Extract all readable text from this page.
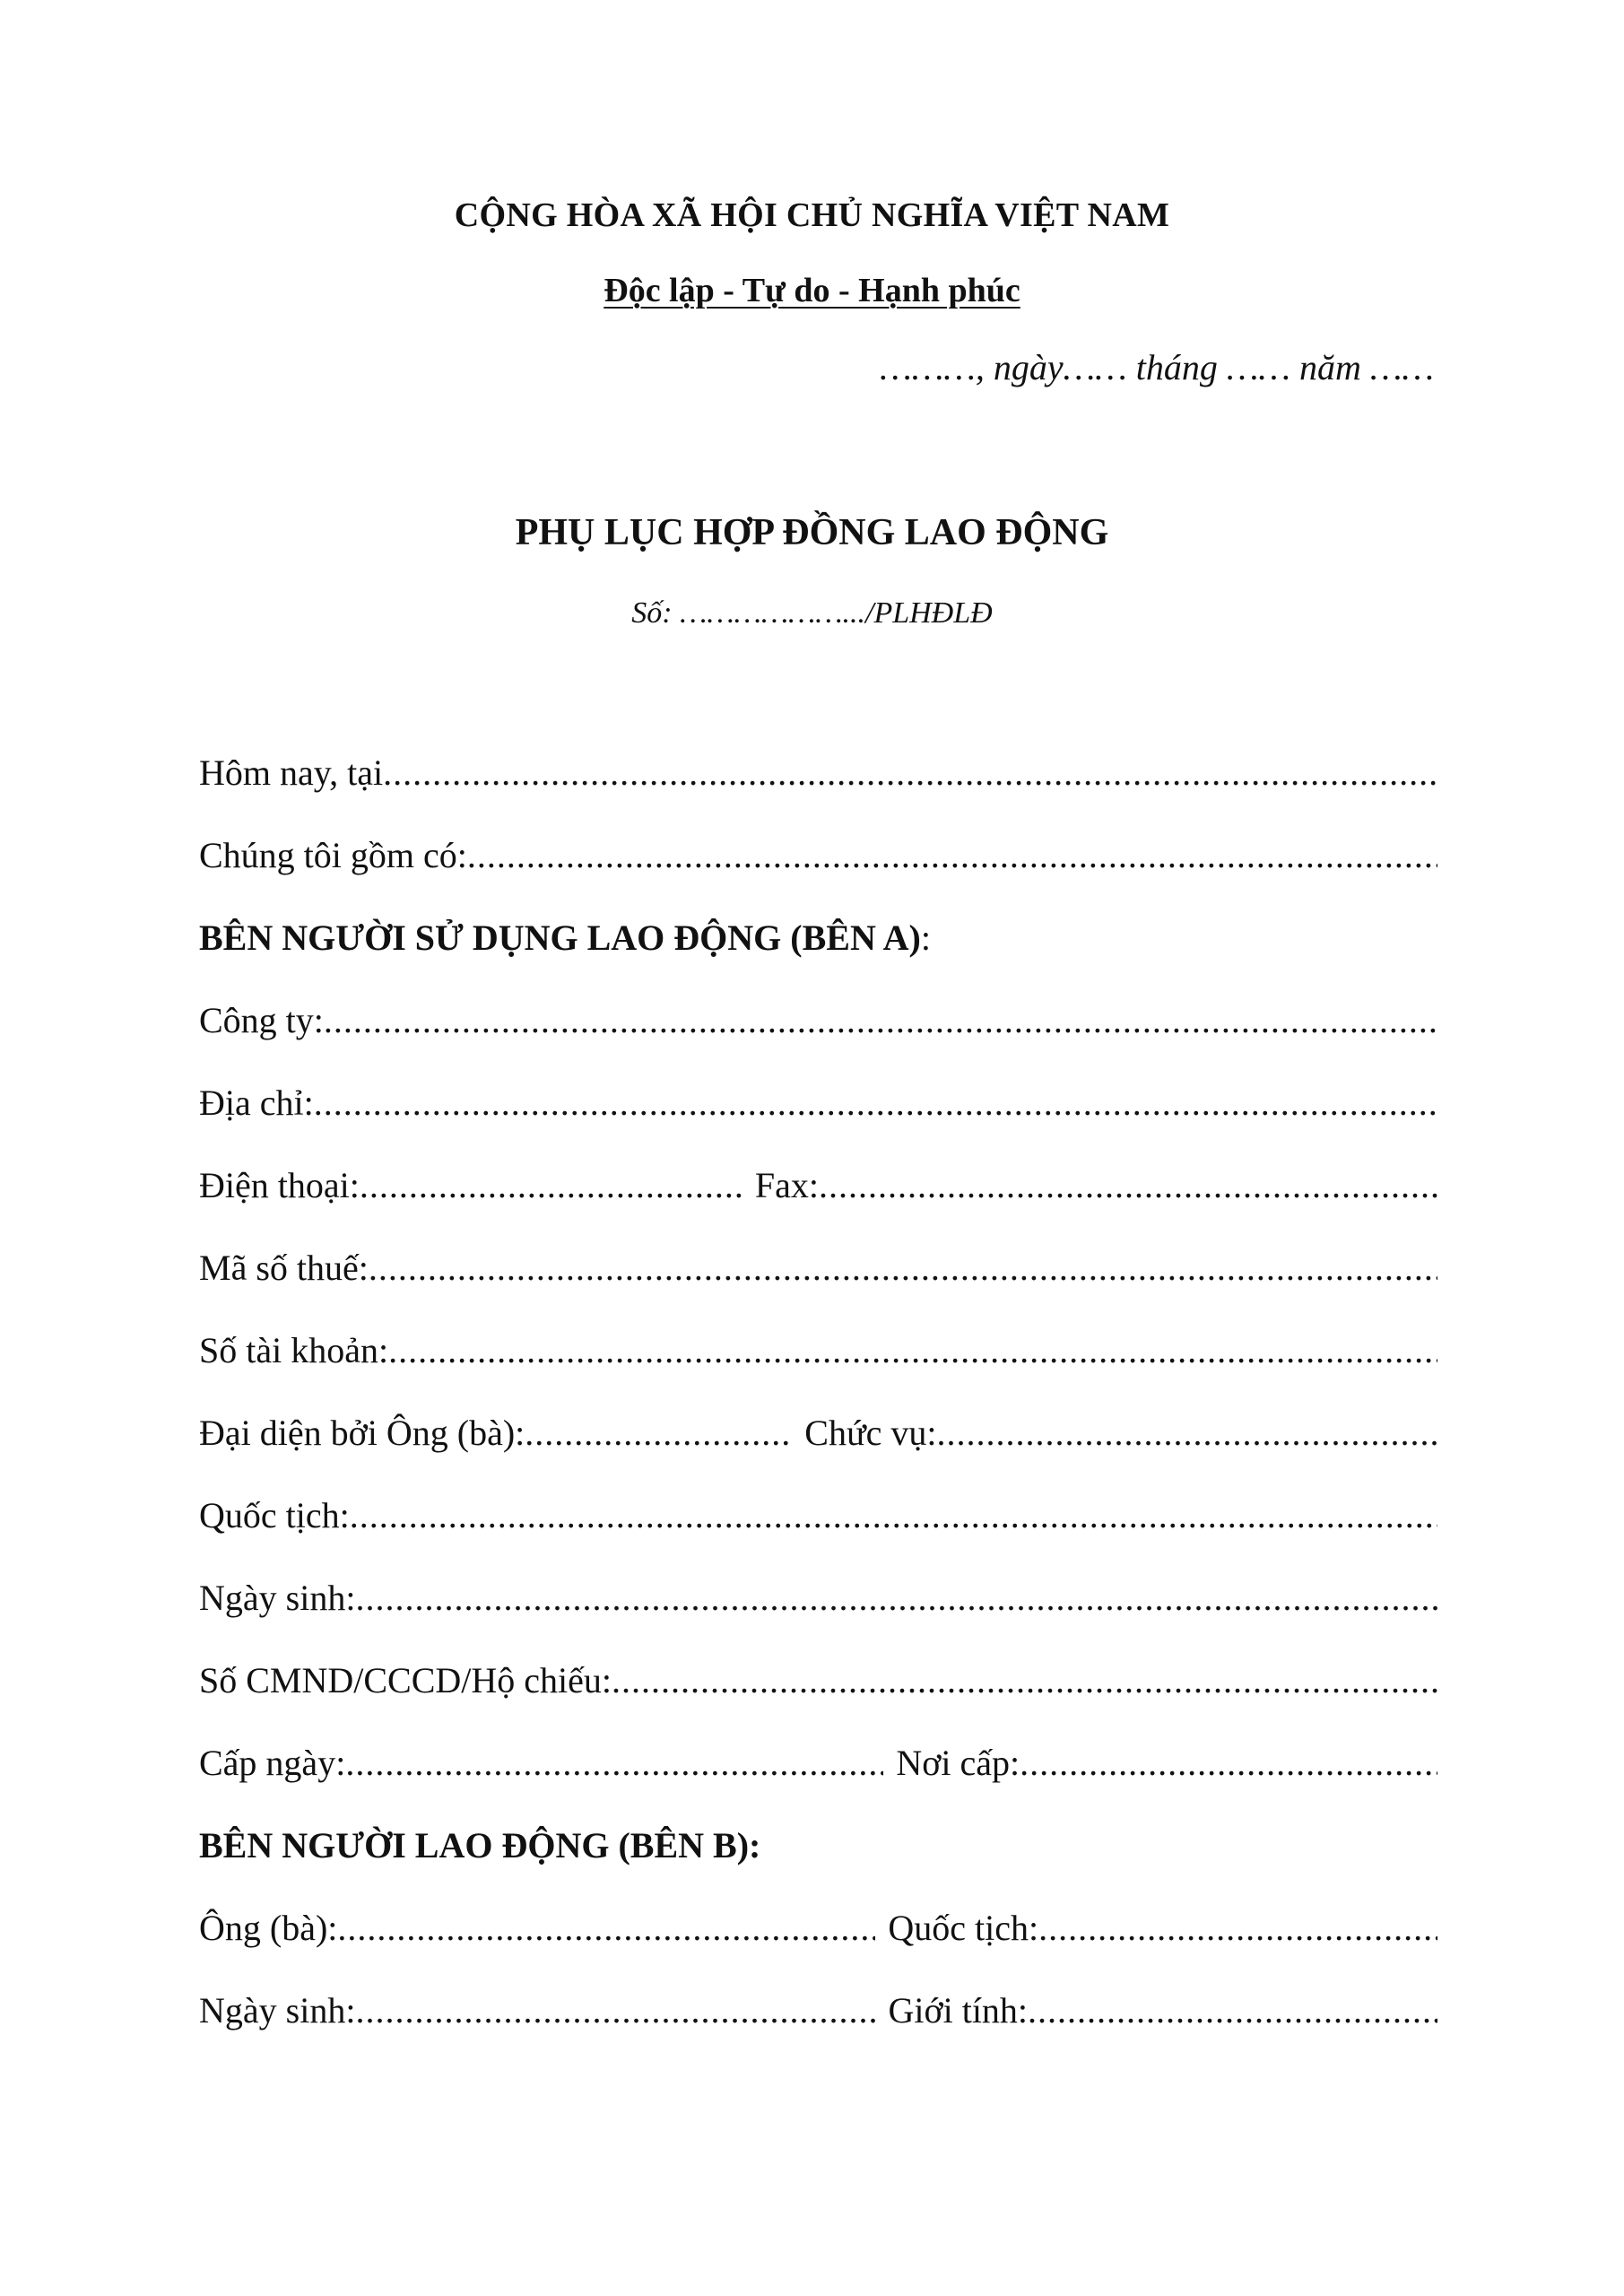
CỘNG HÒA XÃ HỘI CHỦ NGHĨA VIỆT NAM
Độc lập - Tự do - Hạnh phúc
………, ngày…… tháng …… năm ……
PHỤ LỤC HỢP ĐỒNG LAO ĐỘNG
Số: ……………….../PLHĐLĐ
Hôm nay, tại
.....
Chúng tôi gồm có:
.....
BÊN NGƯỜI SỬ DỤNG LAO ĐỘNG (BÊN A):
Công ty:
.....
Địa chỉ:
.....
Điện thoại: .....	Fax:
.....
Mã số thuế:
.....
Số tài khoản:
.....
Đại diện bởi Ông (bà): .....	Chức vụ:
.....
Quốc tịch:
.....
Ngày sinh:
.....
Số CMND/CCCD/Hộ chiếu:
.....
Cấp ngày: .....	Nơi cấp:
.....
BÊN NGƯỜI LAO ĐỘNG (BÊN B):
Ông (bà): .....	Quốc tịch:
.....
Ngày sinh: .....	Giới tính:
.....
